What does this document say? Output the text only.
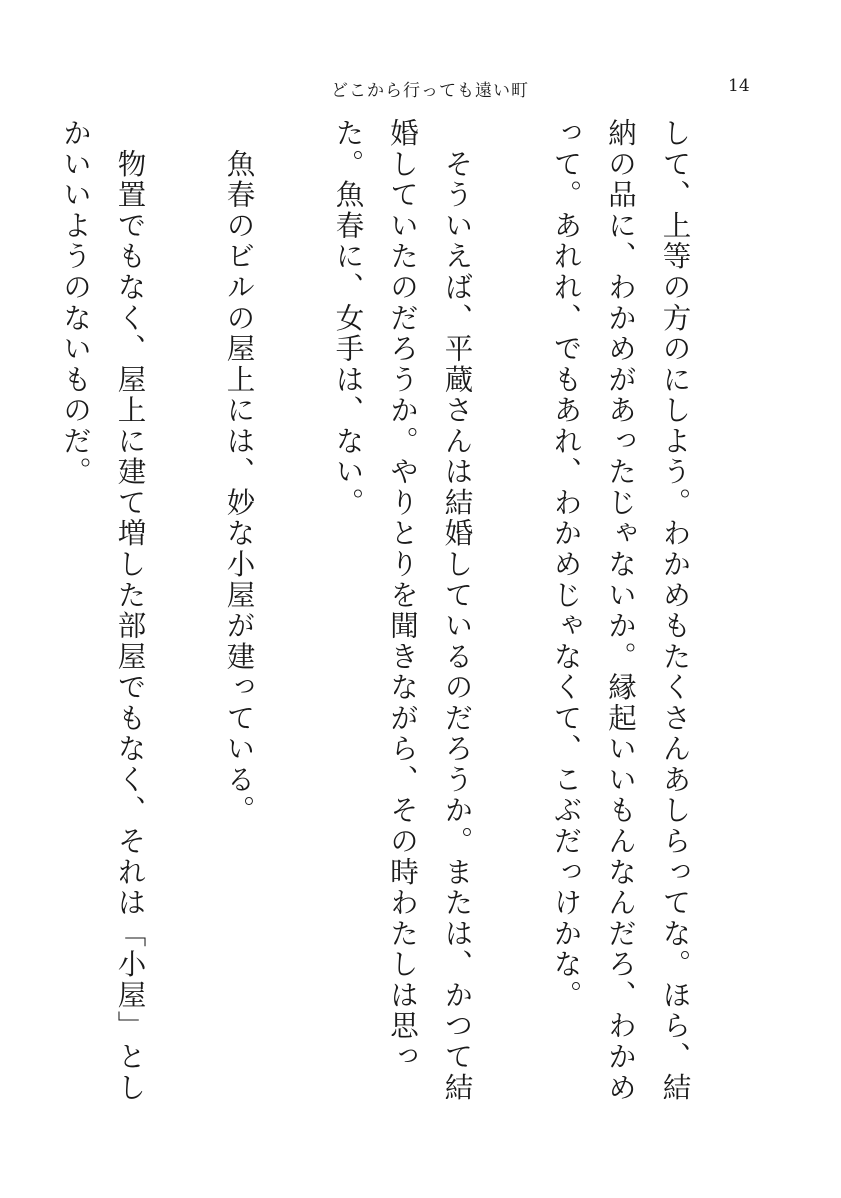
どこから行っても遠い町	14

して、上等の方のにしよう。わかめもたくさんあしらってな。ほら、結納の品に、わかめがあったじゃないか。縁起いいもんなんだろ、わかめって。あれれ、でもあれ、わかめじゃなくて、こぶだっけかな。

　そういえば、平蔵さんは結婚しているのだろうか。または、かつて結婚していたのだろうか。やりとりを聞きながら、その時わたしは思った。魚春に、女手は、ない。

　魚春のビルの屋上には、妙な小屋が建っている。

　物置でもなく、屋上に建て増した部屋でもなく、それは「小屋」としかいいようのないものだ。
